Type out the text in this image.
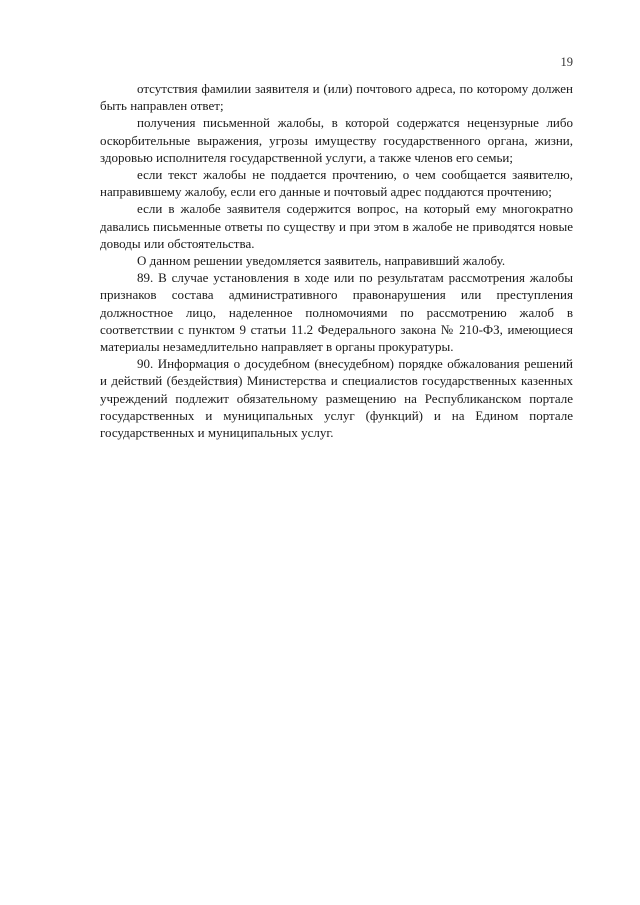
19

отсутствия фамилии заявителя и (или) почтового адреса, по которому должен быть направлен ответ;

получения письменной жалобы, в которой содержатся нецензурные либо оскорбительные выражения, угрозы имуществу государственного органа, жизни, здоровью исполнителя государственной услуги, а также членов его семьи;

если текст жалобы не поддается прочтению, о чем сообщается заявителю, направившему жалобу, если его данные и почтовый адрес поддаются прочтению;

если в жалобе заявителя содержится вопрос, на который ему многократно давались письменные ответы по существу и при этом в жалобе не приводятся новые доводы или обстоятельства.

О данном решении уведомляется заявитель, направивший жалобу.

89. В случае установления в ходе или по результатам рассмотрения жалобы признаков состава административного правонарушения или преступления должностное лицо, наделенное полномочиями по рассмотрению жалоб в соответствии с пунктом 9 статьи 11.2 Федерального закона № 210-ФЗ, имеющиеся материалы незамедлительно направляет в органы прокуратуры.

90. Информация о досудебном (внесудебном) порядке обжалования решений и действий (бездействия) Министерства и специалистов государственных казенных учреждений подлежит обязательному размещению на Республиканском портале государственных и муниципальных услуг (функций) и на Едином портале государственных и муниципальных услуг.
